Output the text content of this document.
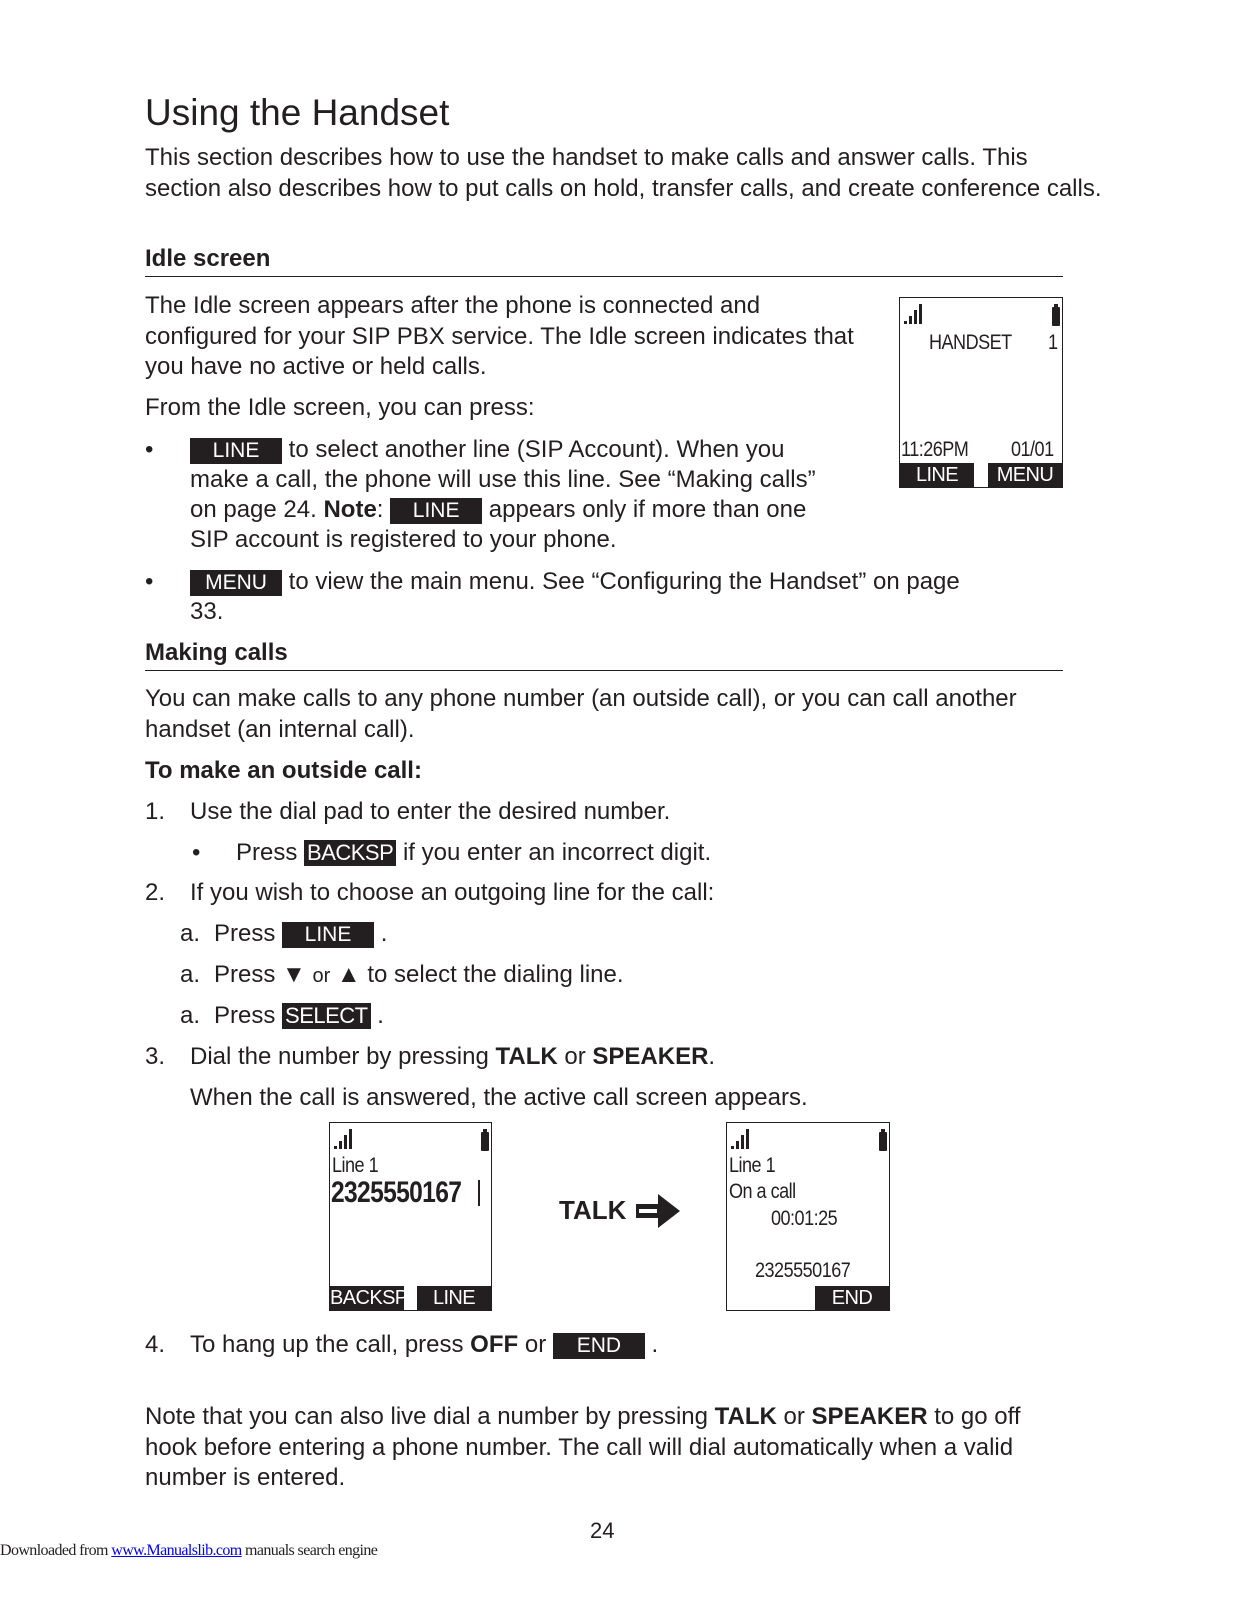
Using the Handset
This section describes how to use the handset to make calls and answer calls. This section also describes how to put calls on hold, transfer calls, and create conference calls.
Idle screen
The Idle screen appears after the phone is connected and configured for your SIP PBX service. The Idle screen indicates that you have no active or held calls.
From the Idle screen, you can press:
•	LINE to select another line (SIP Account). When you
make a call, the phone will use this line. See “Making calls”
on page 24. Note: LINE appears only if more than one
SIP account is registered to your phone.
•	MENU to view the main menu. See “Configuring the Handset” on page
33.
HANDSET 1
11:26PM 01/01
LINE	MENU
Making calls
You can make calls to any phone number (an outside call), or you can call another handset (an internal call).
To make an outside call:
1. Use the dial pad to enter the desired number.
• Press BACKSP if you enter an incorrect digit.
2. If you wish to choose an outgoing line for the call:
a. Press LINE .
a. Press ▼ or ▲ to select the dialing line.
a. Press SELECT .
3. Dial the number by pressing TALK or SPEAKER.
When the call is answered, the active call screen appears.
Line 1
2325550167
BACKSP	LINE
TALK
Line 1
On a call
00:01:25
2325550167
END
4. To hang up the call, press OFF or END .
Note that you can also live dial a number by pressing TALK or SPEAKER to go off hook before entering a phone number. The call will dial automatically when a valid number is entered.
24
Downloaded from www.Manualslib.com manuals search engine
